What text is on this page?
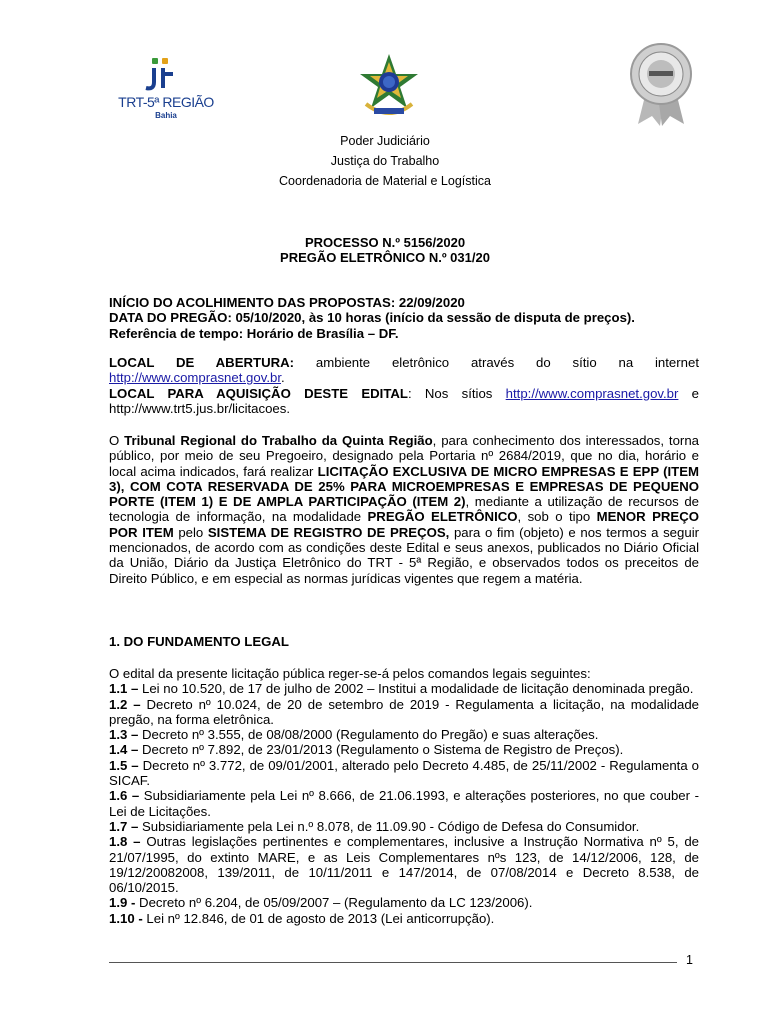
TRT-5ª REGIÃO
Bahia
Poder Judiciário
Justiça do Trabalho
Coordenadoria de Material e Logística
PROCESSO N.º 5156/2020
PREGÃO ELETRÔNICO N.º 031/20

INÍCIO DO ACOLHIMENTO DAS PROPOSTAS: 22/09/2020

DATA DO PREGÃO: 05/10/2020, às 10 horas (início da sessão de disputa de preços).

Referência de tempo: Horário de Brasília – DF.

LOCAL DE ABERTURA: ambiente eletrônico através do sítio na internet

http://www.comprasnet.gov.br.

LOCAL PARA AQUISIÇÃO DESTE EDITAL: Nos sítios http://www.comprasnet.gov.br e

http://www.trt5.jus.br/licitacoes.

O Tribunal Regional do Trabalho da Quinta Região, para conhecimento dos interessados, torna público, por meio de seu Pregoeiro, designado pela Portaria nº 2684/2019, que no dia, horário e local acima indicados, fará realizar LICITAÇÃO EXCLUSIVA DE MICRO EMPRESAS E EPP (ITEM 3), COM COTA RESERVADA DE 25% PARA MICROEMPRESAS E EMPRESAS DE PEQUENO PORTE (ITEM 1) E DE AMPLA PARTICIPAÇÃO (ITEM 2), mediante a utilização de recursos de tecnologia de informação, na modalidade PREGÃO ELETRÔNICO, sob o tipo MENOR PREÇO POR ITEM pelo SISTEMA DE REGISTRO DE PREÇOS, para o fim (objeto) e nos termos a seguir mencionados, de acordo com as condições deste Edital e seus anexos, publicados no Diário Oficial da União, Diário da Justiça Eletrônico do TRT - 5ª Região, e observados todos os preceitos de Direito Público, e em especial as normas jurídicas vigentes que regem a matéria.
1. DO FUNDAMENTO LEGAL

O edital da presente licitação pública reger-se-á pelos comandos legais seguintes:

1.1 – Lei no 10.520, de 17 de julho de 2002 – Institui a modalidade de licitação denominada pregão.

1.2 – Decreto nº 10.024, de 20 de setembro de 2019 - Regulamenta a licitação, na modalidade pregão, na forma eletrônica.

1.3 – Decreto nº 3.555, de 08/08/2000 (Regulamento do Pregão) e suas alterações.

1.4 – Decreto nº 7.892, de 23/01/2013 (Regulamento o Sistema de Registro de Preços).

1.5 – Decreto nº 3.772, de 09/01/2001, alterado pelo Decreto 4.485, de 25/11/2002 - Regulamenta o SICAF.

1.6 – Subsidiariamente pela Lei nº 8.666, de 21.06.1993, e alterações posteriores, no que couber - Lei de Licitações.

1.7 – Subsidiariamente pela Lei n.º 8.078, de 11.09.90 - Código de Defesa do Consumidor.

1.8 – Outras legislações pertinentes e complementares, inclusive a Instrução Normativa nº 5, de 21/07/1995, do extinto MARE, e as Leis Complementares nºs 123, de 14/12/2006, 128, de 19/12/20082008, 139/2011, de 10/11/2011 e 147/2014, de 07/08/2014 e Decreto 8.538, de 06/10/2015.

1.9 - Decreto nº 6.204, de 05/09/2007 – (Regulamento da LC 123/2006).

1.10 - Lei nº 12.846, de 01 de agosto de 2013 (Lei anticorrupção).

1
